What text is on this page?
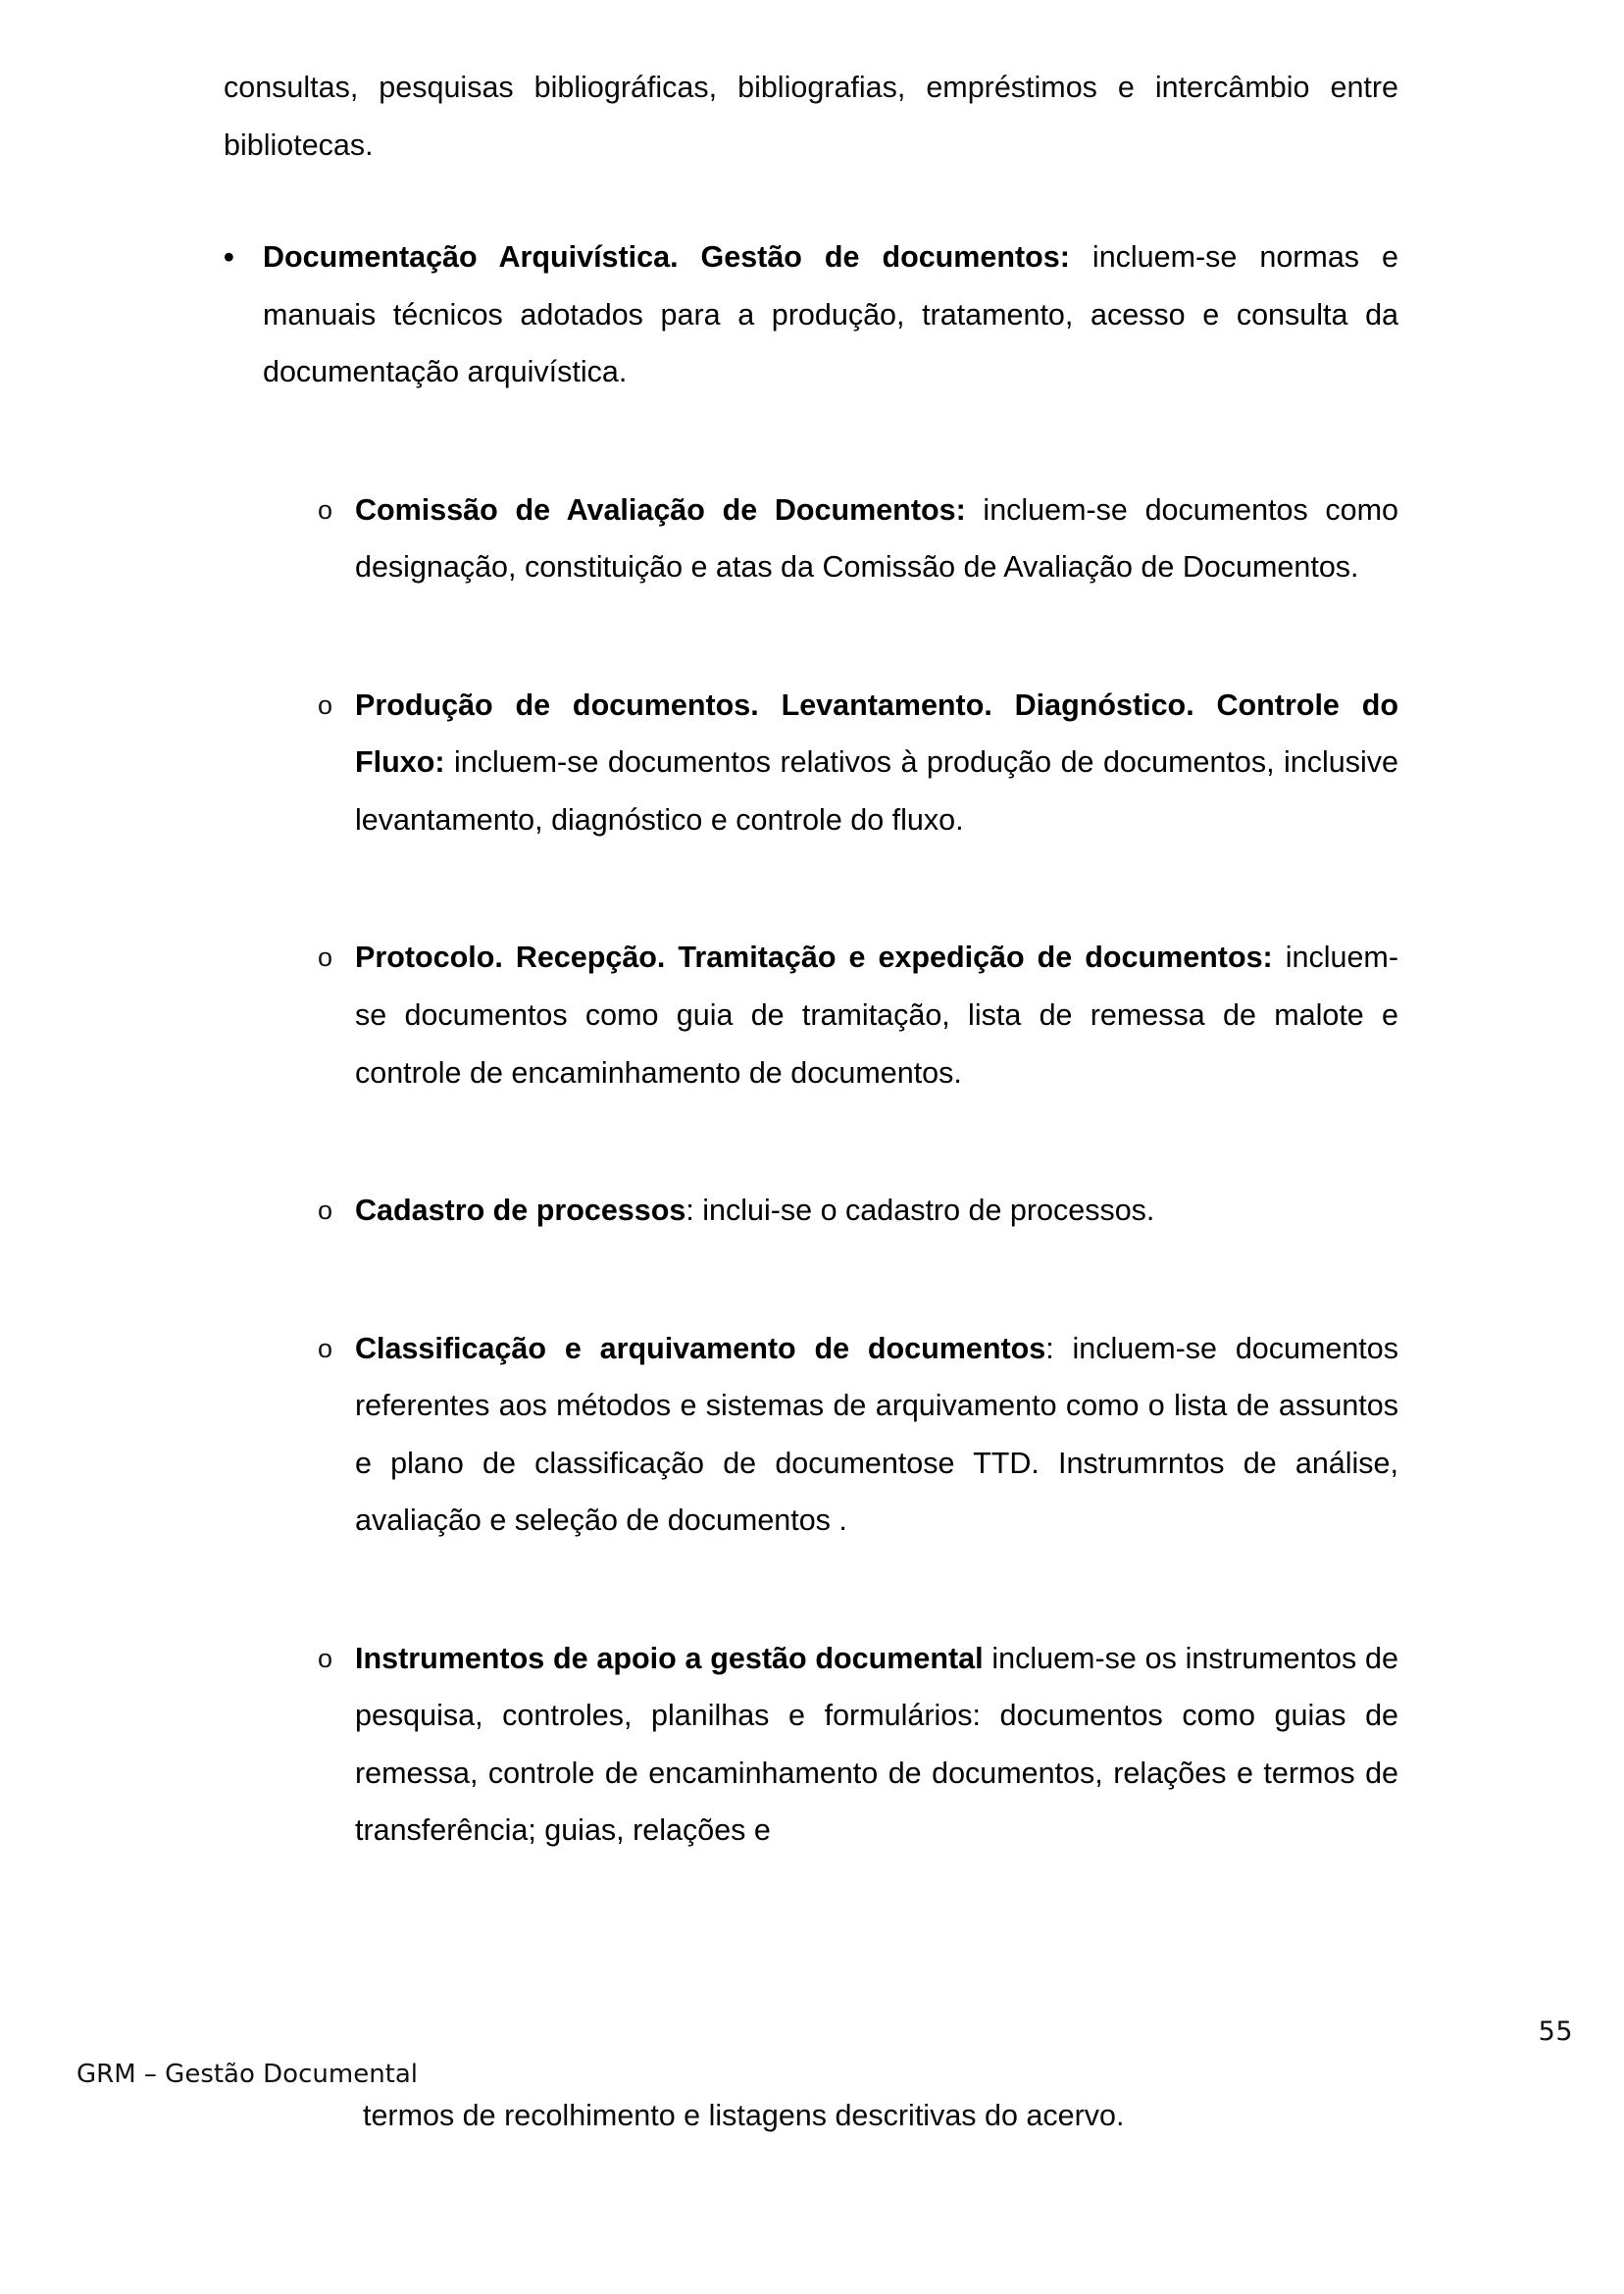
consultas, pesquisas bibliográficas, bibliografias, empréstimos e intercâmbio entre bibliotecas.

• Documentação Arquivística. Gestão de documentos: incluem-se normas e manuais técnicos adotados para a produção, tratamento, acesso e consulta da documentação arquivística.
o Comissão de Avaliação de Documentos: incluem-se documentos como designação, constituição e atas da Comissão de Avaliação de Documentos.
o Produção de documentos. Levantamento. Diagnóstico. Controle do Fluxo: incluem-se documentos relativos à produção de documentos, inclusive levantamento, diagnóstico e controle do fluxo.
o Protocolo. Recepção. Tramitação e expedição de documentos: incluem-se documentos como guia de tramitação, lista de remessa de malote e controle de encaminhamento de documentos.
o Cadastro de processos: inclui-se o cadastro de processos.
o Classificação e arquivamento de documentos: incluem-se documentos referentes aos métodos e sistemas de arquivamento como o lista de assuntos e plano de classificação de documentose TTD. Instrumrntos de análise, avaliação e seleção de documentos .
o Instrumentos de apoio a gestão documental incluem-se os instrumentos de pesquisa, controles, planilhas e formulários: documentos como guias de remessa, controle de encaminhamento de documentos, relações e termos de transferência; guias, relações e
55
GRM – Gestão Documental
termos de recolhimento e listagens descritivas do acervo.
